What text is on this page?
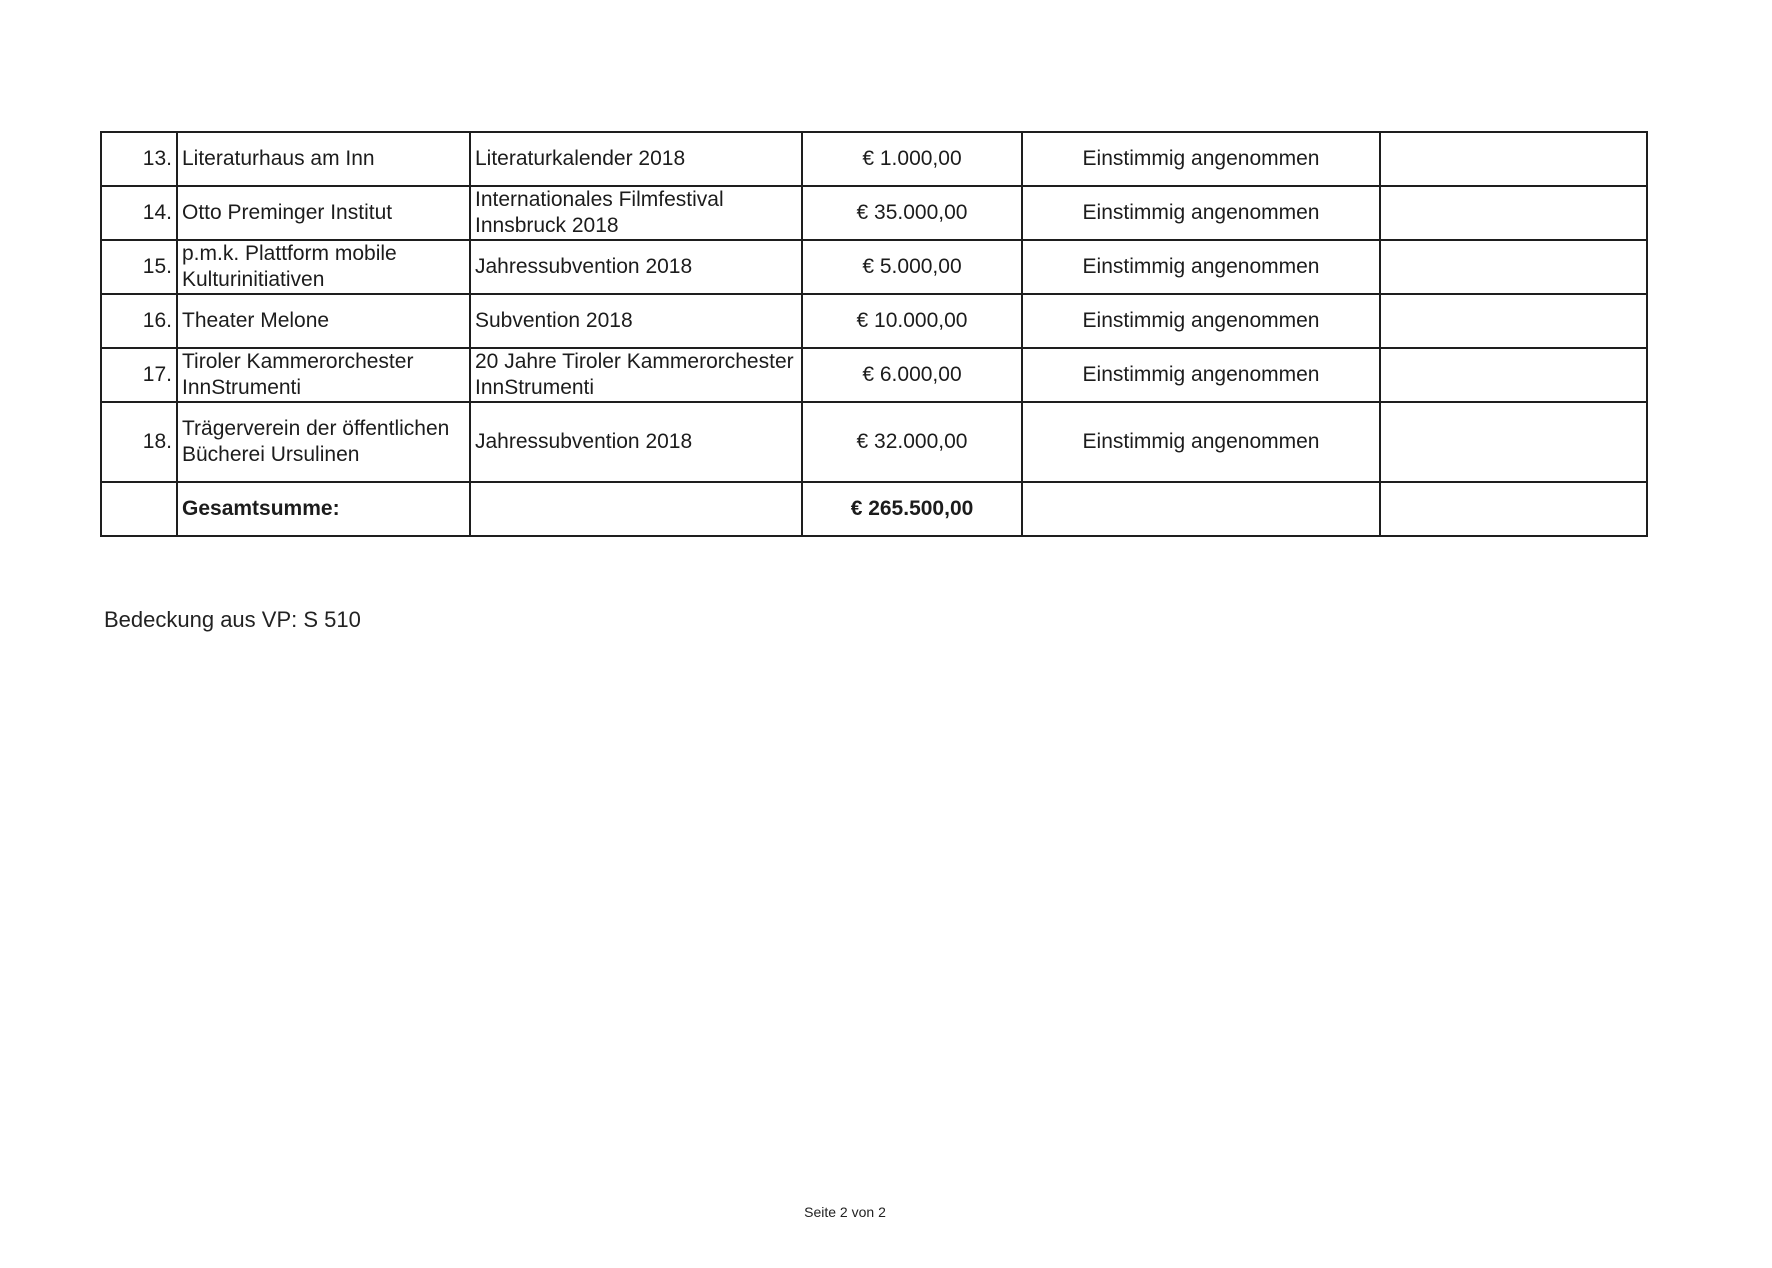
13.	Literaturhaus am Inn	Literaturkalender 2018	€ 1.000,00	Einstimmig angenommen	
14.	Otto Preminger Institut	Internationales Filmfestival Innsbruck 2018	€ 35.000,00	Einstimmig angenommen	
15.	p.m.k. Plattform mobile Kulturinitiativen	Jahressubvention 2018	€ 5.000,00	Einstimmig angenommen	
16.	Theater Melone	Subvention 2018	€ 10.000,00	Einstimmig angenommen	
17.	Tiroler Kammerorchester InnStrumenti	20 Jahre Tiroler Kammerorchester InnStrumenti	€ 6.000,00	Einstimmig angenommen	
18.	Trägerverein der öffentlichen Bücherei Ursulinen	Jahressubvention 2018	€ 32.000,00	Einstimmig angenommen	
	Gesamtsumme:		€ 265.500,00		
Bedeckung aus VP: S 510
Seite 2 von 2
